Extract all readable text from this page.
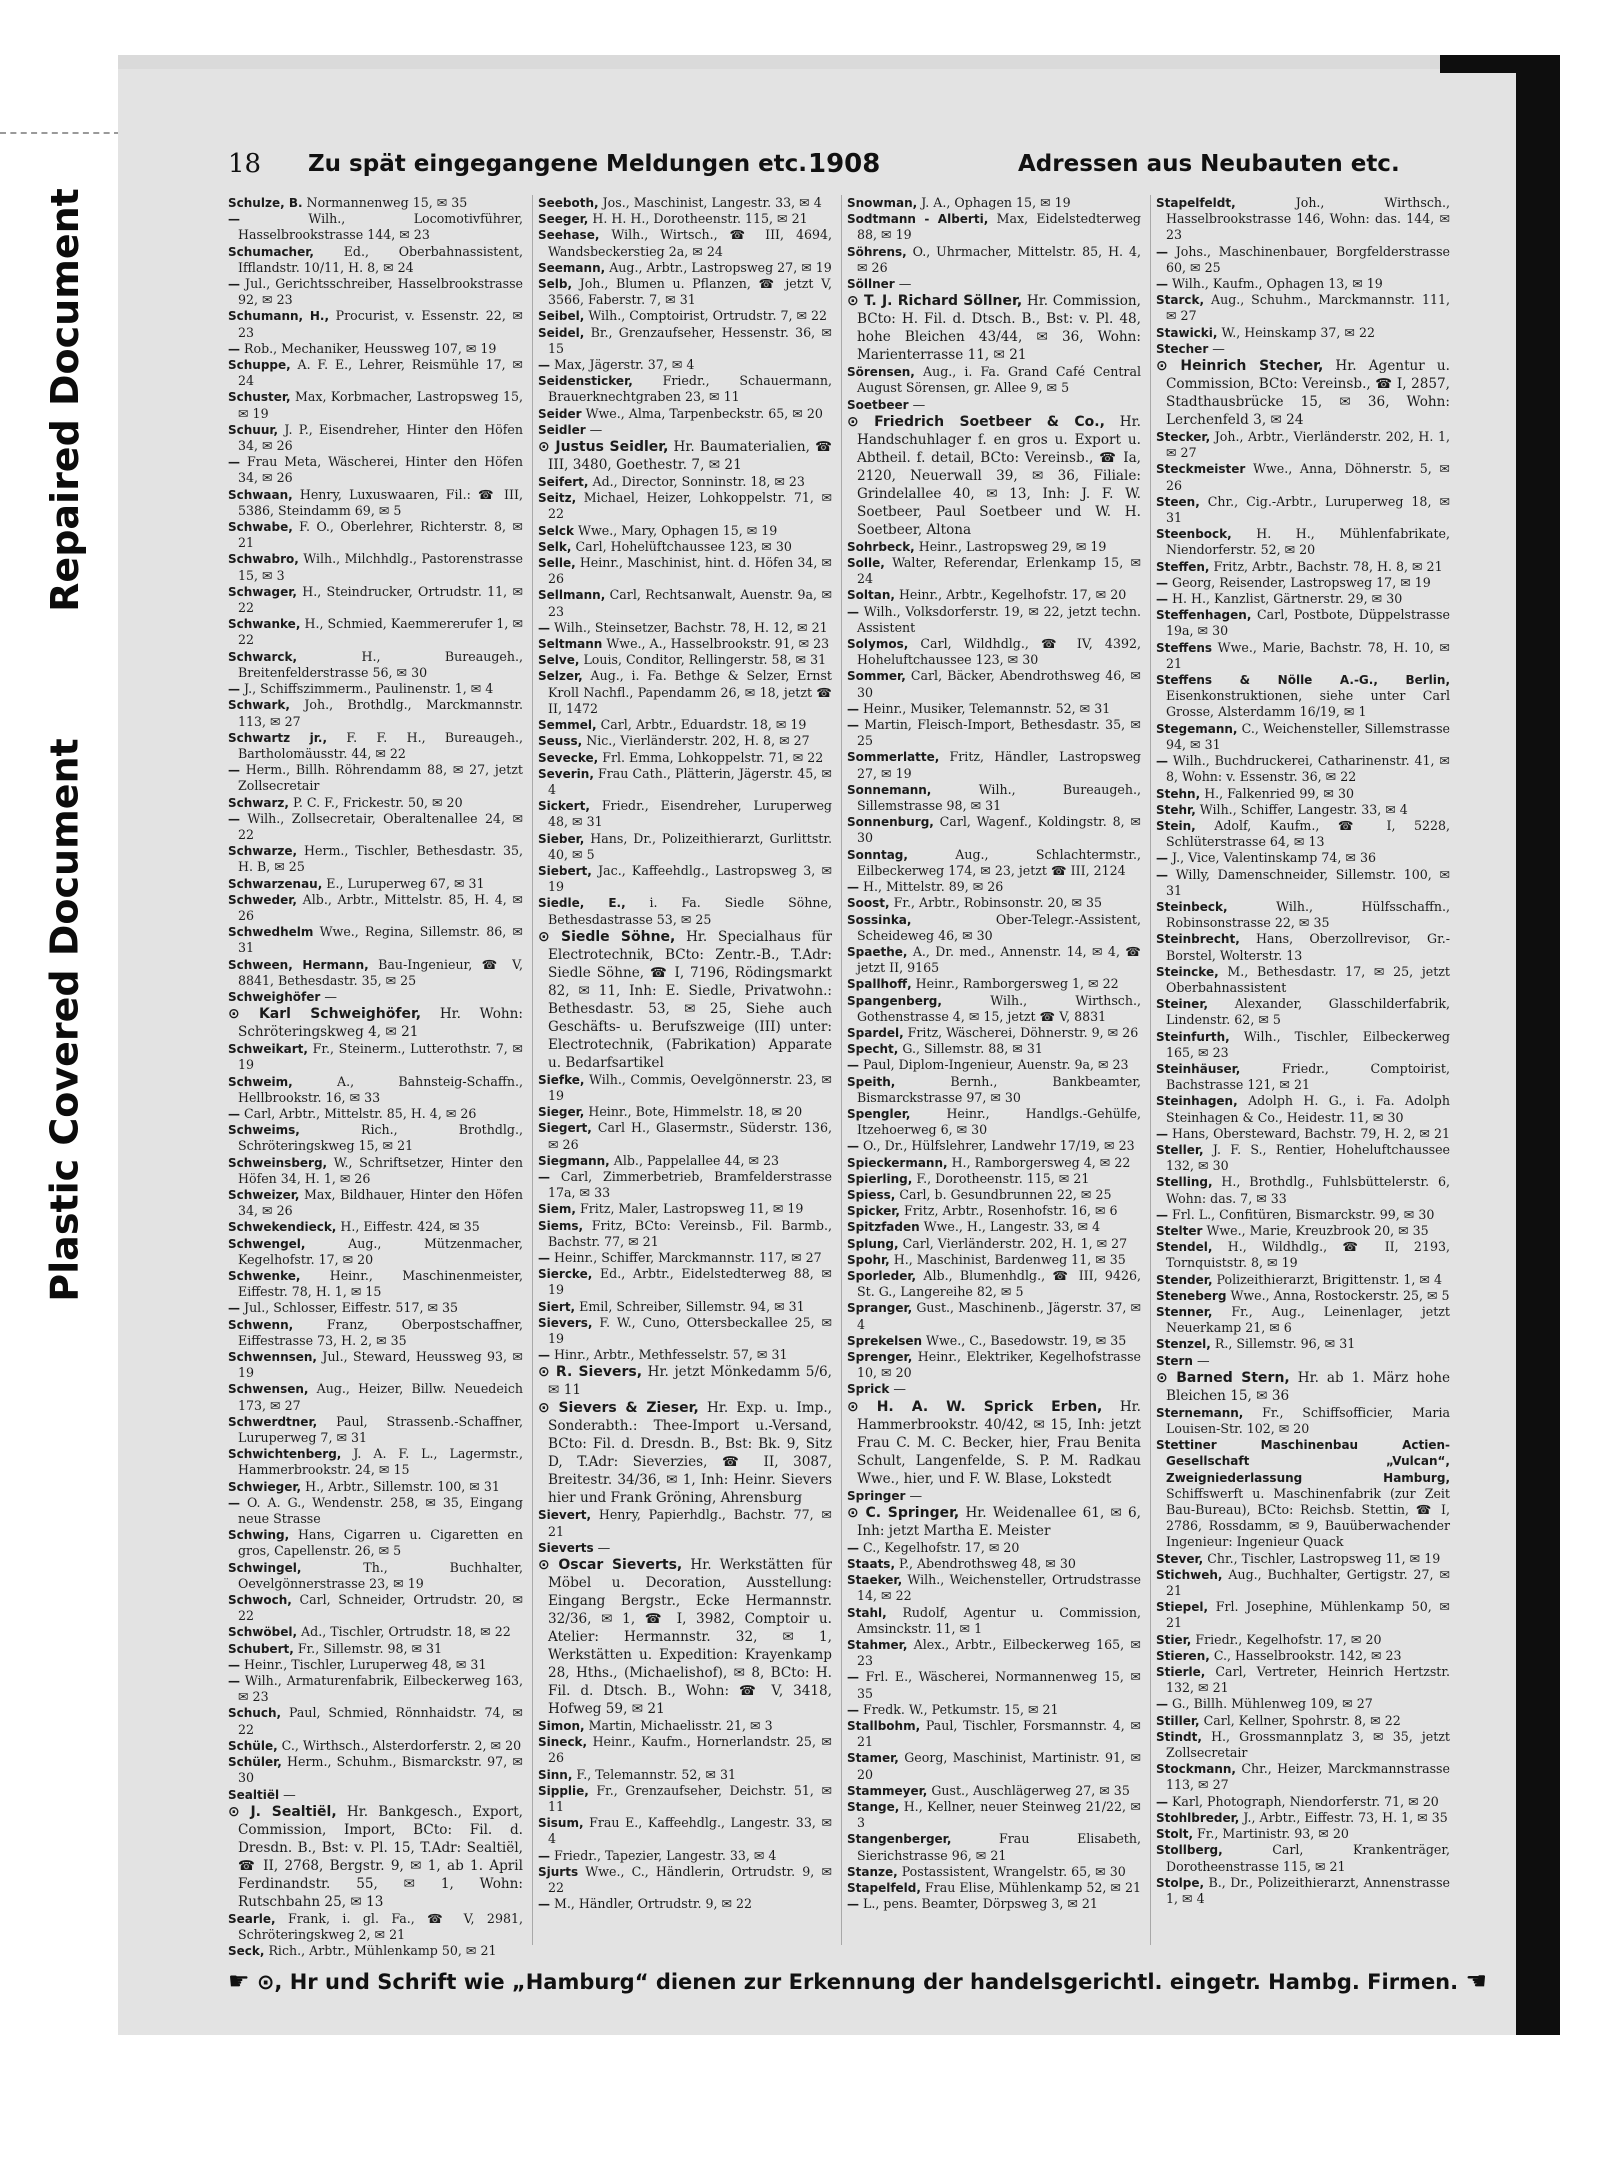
Repaired Document
Plastic Covered Document
18 Zu spät eingegangene Meldungen etc. 1908	Adressen aus Neubauten etc.
Schulze, B. Normannenweg 15, ✉ 35
—	Wilh., Locomotivführer, Hasselbrookstrasse 144, ✉ 23
Schumacher, Ed., Oberbahnassistent, Ifflandstr. 10/11, H. 8, ✉ 24
— Jul., Gerichtsschreiber, Hasselbrookstrasse 92, ✉ 23
Schumann, H., Procurist, v. Essenstr. 22, ✉ 23
— Rob., Mechaniker, Heussweg 107, ✉ 19
Schuppe, A. F. E., Lehrer, Reismühle 17, ✉ 24
Schuster, Max, Korbmacher, Lastropsweg 15, ✉ 19
Schuur, J. P., Eisendreher, Hinter den Höfen 34, ✉ 26
— Frau Meta, Wäscherei, Hinter den Höfen 34, ✉ 26
Schwaan, Henry, Luxuswaaren, Fil.: ☎ III, 5386, Steindamm 69, ✉ 5
Schwabe, F. O., Oberlehrer, Richterstr. 8, ✉ 21
Schwabro, Wilh., Milchhdlg., Pastorenstrasse 15, ✉ 3
Schwager, H., Steindrucker, Ortrudstr. 11, ✉ 22
Schwanke, H., Schmied, Kaemmererufer 1, ✉ 22
Schwarck,	H., Bureaugeh., Breitenfelderstrasse 56, ✉ 30
— J., Schiffszimmerm., Paulinenstr. 1, ✉ 4
Schwark, Joh., Brothdlg., Marckmannstr. 113, ✉ 27
Schwartz jr., F. F. H., Bureaugeh., Bartholomäusstr. 44, ✉ 22
— Herm., Billh. Röhrendamm 88, ✉ 27, jetzt Zollsecretair
Schwarz, P. C. F., Frickestr. 50, ✉ 20
— Wilh., Zollsecretair, Oberaltenallee 24, ✉ 22
Schwarze, Herm., Tischler, Bethesdastr. 35, H. B, ✉ 25
Schwarzenau, E., Luruperweg 67, ✉ 31
Schweder, Alb., Arbtr., Mittelstr. 85, H. 4, ✉ 26
Schwedhelm Wwe., Regina, Sillemstr. 86, ✉ 31
Schween, Hermann, Bau-Ingenieur, ☎ V, 8841, Bethesdastr. 35, ✉ 25
Schweighöfer —
⊙ Karl Schweighöfer, Hr. Wohn: Schröteringskweg 4, ✉ 21
Schweikart, Fr., Steinerm., Lutterothstr. 7, ✉ 19
Schweim,	A., Bahnsteig-Schaffn., Hellbrookstr. 16, ✉ 33
— Carl, Arbtr., Mittelstr. 85, H. 4, ✉ 26
Schweims,	Rich., Brothdlg., Schröteringskweg 15, ✉ 21
Schweinsberg, W., Schriftsetzer, Hinter den Höfen 34, H. 1, ✉ 26
Schweizer, Max, Bildhauer, Hinter den Höfen 34, ✉ 26
Schwekendieck, H., Eiffestr. 424, ✉ 35
Schwengel,	Aug., Mützenmacher, Kegelhofstr. 17, ✉ 20
Schwenke, Heinr., Maschinenmeister, Eiffestr. 78, H. 1, ✉ 15
— Jul., Schlosser, Eiffestr. 517, ✉ 35
Schwenn,	Franz, Oberpostschaffner, Eiffestrasse 73, H. 2, ✉ 35
Schwennsen, Jul., Steward, Heussweg 93, ✉ 19
Schwensen, Aug., Heizer, Billw. Neuedeich 173, ✉ 27
Schwerdtner, Paul, Strassenb.-Schaffner, Luruperweg 7, ✉ 31
Schwichtenberg, J. A. F. L., Lagermstr., Hammerbrookstr. 24, ✉ 15
Schwieger, H., Arbtr., Sillemstr. 100, ✉ 31
— O. A. G., Wendenstr. 258, ✉ 35, Eingang neue Strasse
Schwing, Hans, Cigarren u. Cigaretten en gros, Capellenstr. 26, ✉ 5
Schwingel,	Th., Buchhalter, Oevelgönnerstrasse 23, ✉ 19
Schwoch, Carl, Schneider, Ortrudstr. 20, ✉ 22
Schwöbel, Ad., Tischler, Ortrudstr. 18, ✉ 22
Schubert, Fr., Sillemstr. 98, ✉ 31
— Heinr., Tischler, Luruperweg 48, ✉ 31
— Wilh., Armaturenfabrik, Eilbeckerweg 163, ✉ 23
Schuch, Paul, Schmied, Rönnhaidstr. 74, ✉ 22
Schüle, C., Wirthsch., Alsterdorferstr. 2, ✉ 20
Schüler, Herm., Schuhm., Bismarckstr. 97, ✉ 30
Sealtiël —
⊙ J. Sealtiël, Hr. Bankgesch., Export, Commission, Import, BCto: Fil. d. Dresdn. B., Bst: v. Pl. 15, T.Adr: Sealtiël, ☎ II, 2768, Bergstr. 9, ✉ 1, ab 1. April Ferdinandstr. 55, ✉ 1, Wohn: Rutschbahn 25, ✉ 13
Searle, Frank, i. gl. Fa., ☎ V, 2981, Schröteringskweg 2, ✉ 21
Seck, Rich., Arbtr., Mühlenkamp 50, ✉ 21
Seeboth, Jos., Maschinist, Langestr. 33, ✉ 4
Seeger, H. H. H., Dorotheenstr. 115, ✉ 21
Seehase, Wilh., Wirtsch., ☎ III, 4694, Wandsbeckerstieg 2a, ✉ 24
Seemann, Aug., Arbtr., Lastropsweg 27, ✉ 19
Selb, Joh., Blumen u. Pflanzen, ☎ jetzt V, 3566, Faberstr. 7, ✉ 31
Seibel, Wilh., Comptoirist, Ortrudstr. 7, ✉ 22
Seidel, Br., Grenzaufseher, Hessenstr. 36, ✉ 15
— Max, Jägerstr. 37, ✉ 4
Seidensticker, Friedr., Schauermann, Brauerknechtgraben 23, ✉ 11
Seider Wwe., Alma, Tarpenbeckstr. 65, ✉ 20
Seidler —
⊙ Justus Seidler, Hr. Baumaterialien, ☎ III, 3480, Goethestr. 7, ✉ 21
Seifert, Ad., Director, Sonninstr. 18, ✉ 23
Seitz, Michael, Heizer, Lohkoppelstr. 71, ✉ 22
Selck Wwe., Mary, Ophagen 15, ✉ 19
Selk, Carl, Hohelüftchaussee 123, ✉ 30
Selle, Heinr., Maschinist, hint. d. Höfen 34, ✉ 26
Sellmann, Carl, Rechtsanwalt, Auenstr. 9a, ✉ 23
— Wilh., Steinsetzer, Bachstr. 78, H. 12, ✉ 21
Seltmann Wwe., A., Hasselbrookstr. 91, ✉ 23
Selve, Louis, Conditor, Rellingerstr. 58, ✉ 31
Selzer, Aug., i. Fa. Bethge & Selzer, Ernst Kroll Nachfl., Papendamm 26, ✉ 18, jetzt ☎ II, 1472
Semmel, Carl, Arbtr., Eduardstr. 18, ✉ 19
Seuss, Nic., Vierländerstr. 202, H. 8, ✉ 27
Sevecke, Frl. Emma, Lohkoppelstr. 71, ✉ 22
Severin, Frau Cath., Plätterin, Jägerstr. 45, ✉ 4
Sickert, Friedr., Eisendreher, Luruperweg 48, ✉ 31
Sieber, Hans, Dr., Polizeithierarzt, Gurlittstr. 40, ✉ 5
Siebert, Jac., Kaffeehdlg., Lastropsweg 3, ✉ 19
Siedle, E., i. Fa. Siedle Söhne, Bethesdastrasse 53, ✉ 25
⊙ Siedle Söhne, Hr. Specialhaus für Electrotechnik, BCto: Zentr.-B., T.Adr: Siedle Söhne, ☎ I, 7196, Rödingsmarkt 82, ✉ 11, Inh: E. Siedle, Privatwohn.: Bethesdastr. 53, ✉ 25, Siehe auch Geschäfts- u. Berufszweige (III) unter: Electrotechnik, (Fabrikation) Apparate u. Bedarfsartikel
Siefke, Wilh., Commis, Oevelgönnerstr. 23, ✉ 19
Sieger, Heinr., Bote, Himmelstr. 18, ✉ 20
Siegert, Carl H., Glasermstr., Süderstr. 136, ✉ 26
Siegmann, Alb., Pappelallee 44, ✉ 23
— Carl, Zimmerbetrieb, Bramfelderstrasse 17a, ✉ 33
Siem, Fritz, Maler, Lastropsweg 11, ✉ 19
Siems, Fritz, BCto: Vereinsb., Fil. Barmb., Bachstr. 77, ✉ 21
— Heinr., Schiffer, Marckmannstr. 117, ✉ 27
Siercke, Ed., Arbtr., Eidelstedterweg 88, ✉ 19
Siert, Emil, Schreiber, Sillemstr. 94, ✉ 31
Sievers, F. W., Cuno, Ottersbeckallee 25, ✉ 19
— Hinr., Arbtr., Methfesselstr. 57, ✉ 31
⊙ R. Sievers, Hr. jetzt Mönkedamm 5/6, ✉ 11
⊙ Sievers & Zieser, Hr. Exp. u. Imp., Sonderabth.: Thee-Import u.-Versand, BCto: Fil. d. Dresdn. B., Bst: Bk. 9, Sitz D, T.Adr: Sieverzies, ☎ II, 3087, Breitestr. 34/36, ✉ 1, Inh: Heinr. Sievers hier und Frank Gröning, Ahrensburg
Sievert, Henry, Papierhdlg., Bachstr. 77, ✉ 21
Sieverts —
⊙ Oscar Sieverts, Hr. Werkstätten für Möbel u. Decoration, Ausstellung: Eingang Bergstr., Ecke Hermannstr. 32/36, ✉ 1, ☎ I, 3982, Comptoir u. Atelier: Hermannstr. 32, ✉ 1, Werkstätten u. Expedition: Krayenkamp 28, Hths., (Michaelishof), ✉ 8, BCto: H. Fil. d. Dtsch. B., Wohn: ☎ V, 3418, Hofweg 59, ✉ 21
Simon, Martin, Michaelisstr. 21, ✉ 3
Sineck, Heinr., Kaufm., Hornerlandstr. 25, ✉ 26
Sinn, F., Telemannstr. 52, ✉ 31
Sipplie, Fr., Grenzaufseher, Deichstr. 51, ✉ 11
Sisum, Frau E., Kaffeehdlg., Langestr. 33, ✉ 4
— Friedr., Tapezier, Langestr. 33, ✉ 4
Sjurts Wwe., C., Händlerin, Ortrudstr. 9, ✉ 22
— M., Händler, Ortrudstr. 9, ✉ 22
Snowman, J. A., Ophagen 15, ✉ 19
Sodtmann - Alberti, Max, Eidelstedterweg 88, ✉ 19
Söhrens, O., Uhrmacher, Mittelstr. 85, H. 4, ✉ 26
Söllner —
⊙ T. J. Richard Söllner, Hr. Commission, BCto: H. Fil. d. Dtsch. B., Bst: v. Pl. 48, hohe Bleichen 43/44, ✉ 36, Wohn: Marienterrasse 11, ✉ 21
Sörensen, Aug., i. Fa. Grand Café Central August Sörensen, gr. Allee 9, ✉ 5
Soetbeer —
⊙ Friedrich Soetbeer & Co., Hr. Handschuhlager f. en gros u. Export u. Abtheil. f. detail, BCto: Vereinsb., ☎ Ia, 2120, Neuerwall 39, ✉ 36, Filiale: Grindelallee 40, ✉ 13, Inh: J. F. W. Soetbeer, Paul Soetbeer und W. H. Soetbeer, Altona
Sohrbeck, Heinr., Lastropsweg 29, ✉ 19
Solle, Walter, Referendar, Erlenkamp 15, ✉ 24
Soltan, Heinr., Arbtr., Kegelhofstr. 17, ✉ 20
— Wilh., Volksdorferstr. 19, ✉ 22, jetzt techn. Assistent
Solymos, Carl, Wildhdlg., ☎ IV, 4392, Hoheluftchaussee 123, ✉ 30
Sommer, Carl, Bäcker, Abendrothsweg 46, ✉ 30
— Heinr., Musiker, Telemannstr. 52, ✉ 31
— Martin, Fleisch-Import, Bethesdastr. 35, ✉ 25
Sommerlatte, Fritz, Händler, Lastropsweg 27, ✉ 19
Sonnemann,	Wilh., Bureaugeh., Sillemstrasse 98, ✉ 31
Sonnenburg, Carl, Wagenf., Koldingstr. 8, ✉ 30
Sonntag,	Aug., Schlachtermstr., Eilbeckerweg 174, ✉ 23, jetzt ☎ III, 2124
— H., Mittelstr. 89, ✉ 26
Soost, Fr., Arbtr., Robinsonstr. 20, ✉ 35
Sossinka,	Ober-Telegr.-Assistent, Scheideweg 46, ✉ 30
Spaethe, A., Dr. med., Annenstr. 14, ✉ 4, ☎ jetzt II, 9165
Spallhoff, Heinr., Ramborgersweg 1, ✉ 22
Spangenberg,	Wilh., Wirthsch., Gothenstrasse 4, ✉ 15, jetzt ☎ V, 8831
Spardel, Fritz, Wäscherei, Döhnerstr. 9, ✉ 26
Specht, G., Sillemstr. 88, ✉ 31
— Paul, Diplom-Ingenieur, Auenstr. 9a, ✉ 23
Speith,	Bernh., Bankbeamter, Bismarckstrasse 97, ✉ 30
Spengler,	Heinr., Handlgs.-Gehülfe, Itzehoerweg 6, ✉ 30
— O., Dr., Hülfslehrer, Landwehr 17/19, ✉ 23
Spieckermann, H., Ramborgersweg 4, ✉ 22
Spierling, F., Dorotheenstr. 115, ✉ 21
Spiess, Carl, b. Gesundbrunnen 22, ✉ 25
Spicker, Fritz, Arbtr., Rosenhofstr. 16, ✉ 6
Spitzfaden Wwe., H., Langestr. 33, ✉ 4
Splung, Carl, Vierländerstr. 202, H. 1, ✉ 27
Spohr, H., Maschinist, Bardenweg 11, ✉ 35
Sporleder, Alb., Blumenhdlg., ☎ III, 9426, St. G., Langereihe 82, ✉ 5
Spranger, Gust., Maschinenb., Jägerstr. 37, ✉ 4
Sprekelsen Wwe., C., Basedowstr. 19, ✉ 35
Sprenger, Heinr., Elektriker, Kegelhofstrasse 10, ✉ 20
Sprick —
⊙ H. A. W. Sprick Erben, Hr. Hammerbrookstr. 40/42, ✉ 15, Inh: jetzt Frau C. M. C. Becker, hier, Frau Benita Schult, Langenfelde, S. P. M. Radkau Wwe., hier, und F. W. Blase, Lokstedt
Springer —
⊙ C. Springer, Hr. Weidenallee 61, ✉ 6, Inh: jetzt Martha E. Meister
— C., Kegelhofstr. 17, ✉ 20
Staats, P., Abendrothsweg 48, ✉ 30
Staeker, Wilh., Weichensteller, Ortrudstrasse 14, ✉ 22
Stahl, Rudolf, Agentur u. Commission, Amsinckstr. 11, ✉ 1
Stahmer, Alex., Arbtr., Eilbeckerweg 165, ✉ 23
— Frl. E., Wäscherei, Normannenweg 15, ✉ 35
— Fredk. W., Petkumstr. 15, ✉ 21
Stallbohm, Paul, Tischler, Forsmannstr. 4, ✉ 21
Stamer, Georg, Maschinist, Martinistr. 91, ✉ 20
Stammeyer, Gust., Auschlägerweg 27, ✉ 35
Stange, H., Kellner, neuer Steinweg 21/22, ✉ 3
Stangenberger,	Frau Elisabeth, Sierichstrasse 96, ✉ 21
Stanze, Postassistent, Wrangelstr. 65, ✉ 30
Stapelfeld, Frau Elise, Mühlenkamp 52, ✉ 21
— L., pens. Beamter, Dörpsweg 3, ✉ 21
Stapelfeldt,	Joh., Wirthsch., Hasselbrookstrasse 146, Wohn: das. 144, ✉ 23
— Johs., Maschinenbauer, Borgfelderstrasse 60, ✉ 25
— Wilh., Kaufm., Ophagen 13, ✉ 19
Starck, Aug., Schuhm., Marckmannstr. 111, ✉ 27
Stawicki, W., Heinskamp 37, ✉ 22
Stecher —
⊙ Heinrich Stecher, Hr. Agentur u. Commission, BCto: Vereinsb., ☎ I, 2857, Stadthausbrücke 15, ✉ 36, Wohn: Lerchenfeld 3, ✉ 24
Stecker, Joh., Arbtr., Vierländerstr. 202, H. 1, ✉ 27
Steckmeister Wwe., Anna, Döhnerstr. 5, ✉ 26
Steen, Chr., Cig.-Arbtr., Luruperweg 18, ✉ 31
Steenbock, H. H., Mühlenfabrikate, Niendorferstr. 52, ✉ 20
Steffen, Fritz, Arbtr., Bachstr. 78, H. 8, ✉ 21
— Georg, Reisender, Lastropsweg 17, ✉ 19
— H. H., Kanzlist, Gärtnerstr. 29, ✉ 30
Steffenhagen, Carl, Postbote, Düppelstrasse 19a, ✉ 30
Steffens Wwe., Marie, Bachstr. 78, H. 10, ✉ 21
Steffens & Nölle A.-G., Berlin, Eisenkonstruktionen, siehe unter Carl Grosse, Alsterdamm 16/19, ✉ 1
Stegemann, C., Weichensteller, Sillemstrasse 94, ✉ 31
— Wilh., Buchdruckerei, Catharinenstr. 41, ✉ 8, Wohn: v. Essenstr. 36, ✉ 22
Stehn, H., Falkenried 99, ✉ 30
Stehr, Wilh., Schiffer, Langestr. 33, ✉ 4
Stein, Adolf, Kaufm., ☎ I, 5228, Schlüterstrasse 64, ✉ 13
— J., Vice, Valentinskamp 74, ✉ 36
— Willy, Damenschneider, Sillemstr. 100, ✉ 31
Steinbeck,	Wilh., Hülfsschaffn., Robinsonstrasse 22, ✉ 35
Steinbrecht, Hans, Oberzollrevisor, Gr.-Borstel, Wolterstr. 13
Steincke, M., Bethesdastr. 17, ✉ 25, jetzt Oberbahnassistent
Steiner, Alexander, Glasschilderfabrik, Lindenstr. 62, ✉ 5
Steinfurth, Wilh., Tischler, Eilbeckerweg 165, ✉ 23
Steinhäuser,	Friedr., Comptoirist, Bachstrasse 121, ✉ 21
Steinhagen, Adolph H. G., i. Fa. Adolph Steinhagen & Co., Heidestr. 11, ✉ 30
— Hans, Obersteward, Bachstr. 79, H. 2, ✉ 21
Steller, J. F. S., Rentier, Hoheluftchaussee 132, ✉ 30
Stelling, H., Brothdlg., Fuhlsbüttelerstr. 6, Wohn: das. 7, ✉ 33
— Frl. L., Confitüren, Bismarckstr. 99, ✉ 30
Stelter Wwe., Marie, Kreuzbrook 20, ✉ 35
Stendel, H., Wildhdlg., ☎ II, 2193, Tornquiststr. 8, ✉ 19
Stender, Polizeithierarzt, Brigittenstr. 1, ✉ 4
Steneberg Wwe., Anna, Rostockerstr. 25, ✉ 5
Stenner, Fr., Aug., Leinenlager, jetzt Neuerkamp 21, ✉ 6
Stenzel, R., Sillemstr. 96, ✉ 31
Stern —
⊙ Barned Stern, Hr. ab 1. März hohe Bleichen 15, ✉ 36
Sternemann, Fr., Schiffsofficier, Maria Louisen-Str. 102, ✉ 20
Stettiner Maschinenbau Actien-Gesellschaft „Vulcan“, Zweigniederlassung Hamburg, Schiffswerft u. Maschinenfabrik (zur Zeit Bau-Bureau), BCto: Reichsb. Stettin, ☎ I, 2786, Rossdamm, ✉ 9, Bauüberwachender Ingenieur: Ingenieur Quack
Stever, Chr., Tischler, Lastropsweg 11, ✉ 19
Stichweh, Aug., Buchhalter, Gertigstr. 27, ✉ 21
Stiepel, Frl. Josephine, Mühlenkamp 50, ✉ 21
Stier, Friedr., Kegelhofstr. 17, ✉ 20
Stieren, C., Hasselbrookstr. 142, ✉ 23
Stierle, Carl, Vertreter, Heinrich Hertzstr. 132, ✉ 21
— G., Billh. Mühlenweg 109, ✉ 27
Stiller, Carl, Kellner, Spohrstr. 8, ✉ 22
Stindt, H., Grossmannplatz 3, ✉ 35, jetzt Zollsecretair
Stockmann, Chr., Heizer, Marckmannstrasse 113, ✉ 27
— Karl, Photograph, Niendorferstr. 71, ✉ 20
Stohlbreder, J., Arbtr., Eiffestr. 73, H. 1, ✉ 35
Stolt, Fr., Martinistr. 93, ✉ 20
Stollberg,	Carl, Krankenträger, Dorotheenstrasse 115, ✉ 21
Stolpe, B., Dr., Polizeithierarzt, Annenstrasse 1, ✉ 4
☛ ⊙, Hr und Schrift wie „Hamburg“ dienen zur Erkennung der handelsgerichtl. eingetr. Hambg. Firmen. ☚
